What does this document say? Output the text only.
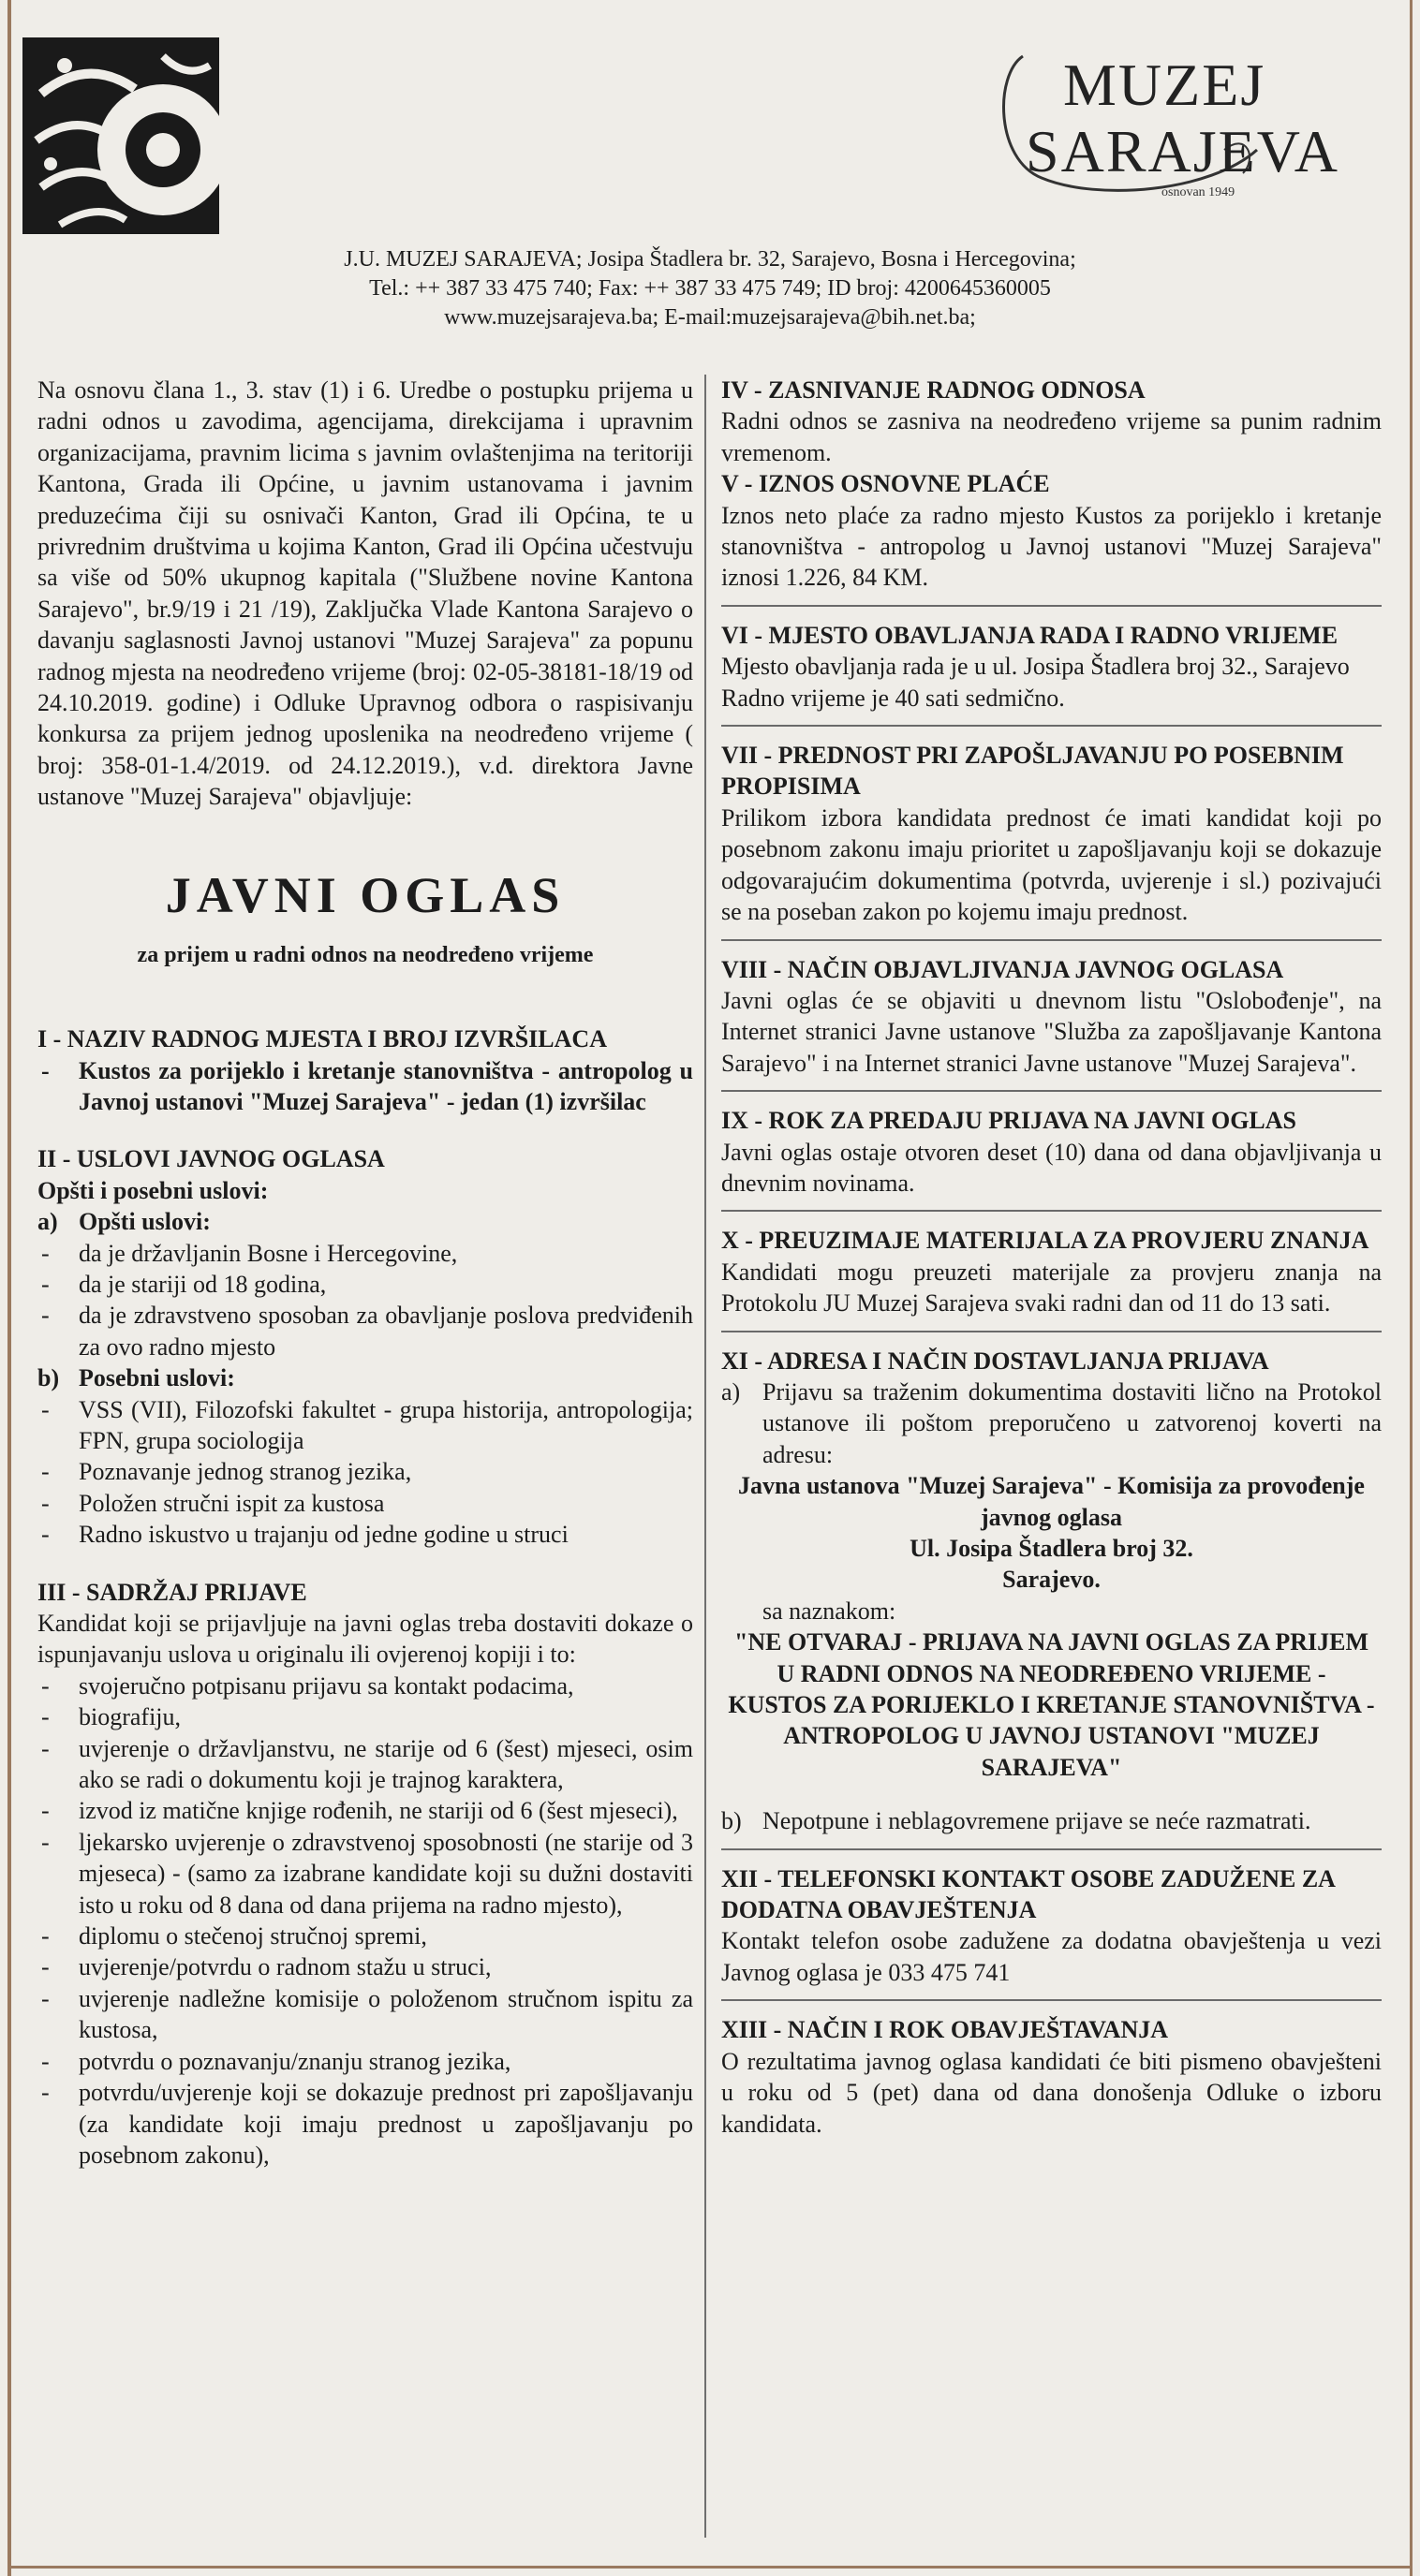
MUZEJ
SARAJEVA
osnovan 1949
J.U. MUZEJ SARAJEVA; Josipa Štadlera br. 32, Sarajevo, Bosna i Hercegovina;
Tel.: ++ 387 33 475 740; Fax: ++ 387 33 475 749; ID broj: 4200645360005
www.muzejsarajeva.ba; E-mail:muzejsarajeva@bih.net.ba;
Na osnovu člana 1., 3. stav (1) i 6. Uredbe o postupku prijema u radni odnos u zavodima, agencijama, direkcijama i upravnim organizacijama, pravnim licima s javnim ovlaštenjima na teritoriji Kantona, Grada ili Općine, u javnim ustanovama i javnim preduzećima čiji su osnivači Kanton, Grad ili Općina, te u privrednim društvima u kojima Kanton, Grad ili Općina učestvuju sa više od 50% ukupnog kapitala ("Službene novine Kantona Sarajevo", br.9/19 i 21 /19), Zaključka Vlade Kantona Sarajevo o davanju saglasnosti Javnoj ustanovi "Muzej Sarajeva" za popunu radnog mjesta na neodređeno vrijeme (broj: 02-05-38181-18/19 od 24.10.2019. godine) i Odluke Upravnog odbora o raspisivanju konkursa za prijem jednog uposlenika na neodređeno vrijeme ( broj: 358-01-1.4/2019. od 24.12.2019.), v.d. direktora Javne ustanove "Muzej Sarajeva" objavljuje:
JAVNI OGLAS
za prijem u radni odnos na neodređeno vrijeme

I - NAZIV RADNOG MJESTA I BROJ IZVRŠILACA

- Kustos za porijeklo i kretanje stanovništva - antropolog u Javnoj ustanovi "Muzej Sarajeva" - jedan (1) izvršilac

II - USLOVI JAVNOG OGLASA

Opšti i posebni uslovi:

a) Opšti uslovi:
- da je državljanin Bosne i Hercegovine,
- da je stariji od 18 godina,
- da je zdravstveno sposoban za obavljanje poslova predviđenih za ovo radno mjesto
b) Posebni uslovi:
- VSS (VII), Filozofski fakultet - grupa historija, antropologija; FPN, grupa sociologija
- Poznavanje jednog stranog jezika,
- Položen stručni ispit za kustosa
- Radno iskustvo u trajanju od jedne godine u struci

III - SADRŽAJ PRIJAVE

Kandidat koji se prijavljuje na javni oglas treba dostaviti dokaze o ispunjavanju uslova u originalu ili ovjerenoj kopiji i to:

- svojeručno potpisanu prijavu sa kontakt podacima,
- biografiju,
- uvjerenje o državljanstvu, ne starije od 6 (šest) mjeseci, osim ako se radi o dokumentu koji je trajnog karaktera,
- izvod iz matične knjige rođenih, ne stariji od 6 (šest mjeseci),
- ljekarsko uvjerenje o zdravstvenoj sposobnosti (ne starije od 3 mjeseca) - (samo za izabrane kandidate koji su dužni dostaviti isto u roku od 8 dana od dana prijema na radno mjesto),
- diplomu o stečenoj stručnoj spremi,
- uvjerenje/potvrdu o radnom stažu u struci,
- uvjerenje nadležne komisije o položenom stručnom ispitu za kustosa,
- potvrdu o poznavanju/znanju stranog jezika,
- potvrdu/uvjerenje koji se dokazuje prednost pri zapošljavanju (za kandidate koji imaju prednost u zapošljavanju po posebnom zakonu),

IV - ZASNIVANJE RADNOG ODNOSA

Radni odnos se zasniva na neodređeno vrijeme sa punim radnim vremenom.

V - IZNOS OSNOVNE PLAĆE

Iznos neto plaće za radno mjesto Kustos za porijeklo i kretanje stanovništva - antropolog u Javnoj ustanovi "Muzej Sarajeva" iznosi 1.226, 84 KM.

VI - MJESTO OBAVLJANJA RADA I RADNO VRIJEME

Mjesto obavljanja rada je u ul. Josipa Štadlera broj 32., Sarajevo

Radno vrijeme je 40 sati sedmično.

VII - PREDNOST PRI ZAPOŠLJAVANJU PO POSEBNIM PROPISIMA

Prilikom izbora kandidata prednost će imati kandidat koji po posebnom zakonu imaju prioritet u zapošljavanju koji se dokazuje odgovarajućim dokumentima (potvrda, uvjerenje i sl.) pozivajući se na poseban zakon po kojemu imaju prednost.

VIII - NAČIN OBJAVLJIVANJA JAVNOG OGLASA

Javni oglas će se objaviti u dnevnom listu "Oslobođenje", na Internet stranici Javne ustanove "Služba za zapošljavanje Kantona Sarajevo" i na Internet stranici Javne ustanove "Muzej Sarajeva".

IX - ROK ZA PREDAJU PRIJAVA NA JAVNI OGLAS

Javni oglas ostaje otvoren deset (10) dana od dana objavljivanja u dnevnim novinama.

X - PREUZIMAJE MATERIJALA ZA PROVJERU ZNANJA

Kandidati mogu preuzeti materijale za provjeru znanja na Protokolu JU Muzej Sarajeva svaki radni dan od 11 do 13 sati.

XI - ADRESA I NAČIN DOSTAVLJANJA PRIJAVA

a) Prijavu sa traženim dokumentima dostaviti lično na Protokol ustanove ili poštom preporučeno u zatvorenoj koverti na adresu:
Javna ustanova "Muzej Sarajeva" - Komisija za provođenje javnog oglasa
Ul. Josipa Štadlera broj 32.
Sarajevo.
sa naznakom:
"NE OTVARAJ - PRIJAVA NA JAVNI OGLAS ZA PRIJEM U RADNI ODNOS NA NEODREĐENO VRIJEME - KUSTOS ZA PORIJEKLO I KRETANJE STANOVNIŠTVA - ANTROPOLOG U JAVNOJ USTANOVI "MUZEJ SARAJEVA"
b) Nepotpune i neblagovremene prijave se neće razmatrati.

XII - TELEFONSKI KONTAKT OSOBE ZADUŽENE ZA DODATNA OBAVJEŠTENJA

Kontakt telefon osobe zadužene za dodatna obavještenja u vezi Javnog oglasa je 033 475 741

XIII - NAČIN I ROK OBAVJEŠTAVANJA

O rezultatima javnog oglasa kandidati će biti pismeno obavješteni u roku od 5 (pet) dana od dana donošenja Odluke o izboru kandidata.
